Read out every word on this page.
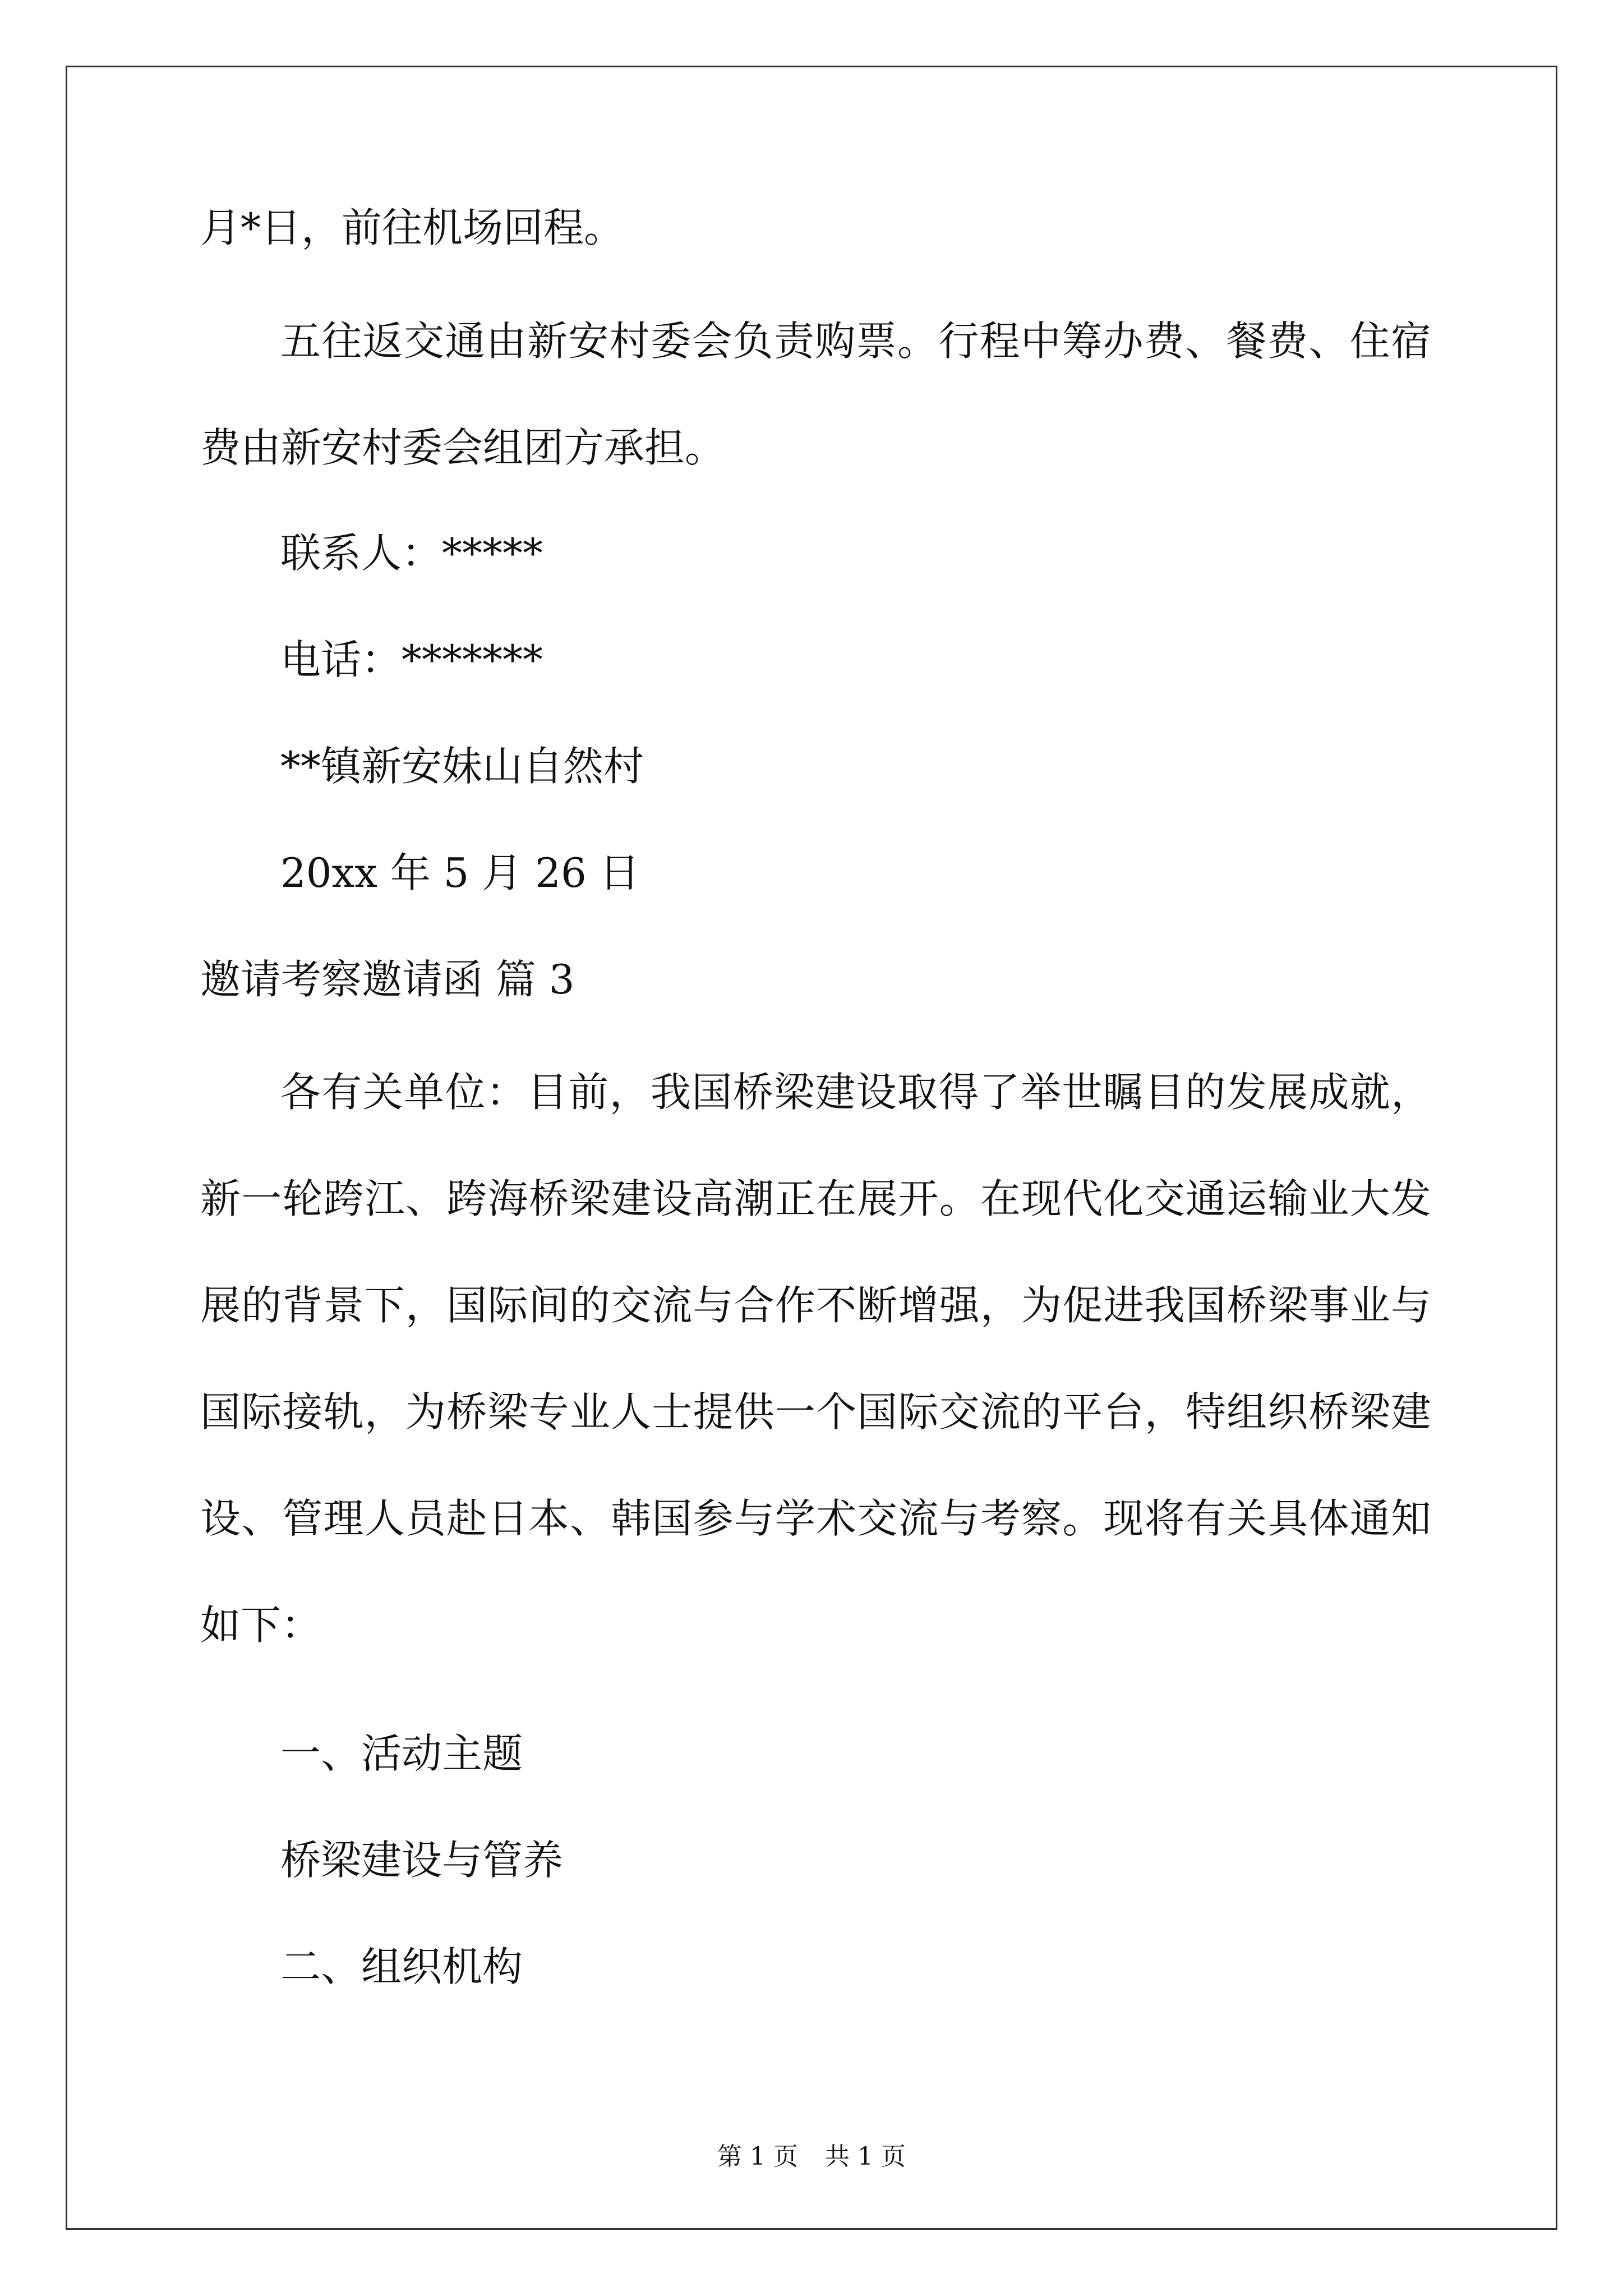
月*日，前往机场回程。
五往返交通由新安村委会负责购票。行程中筹办费、餐费、住宿费由新安村委会组团方承担。
联系人：*****
电话：*******
**镇新安妹山自然村
20xx 年 5 月 26 日
邀请考察邀请函 篇 3
各有关单位：目前，我国桥梁建设取得了举世瞩目的发展成就，新一轮跨江、跨海桥梁建设高潮正在展开。在现代化交通运输业大发展的背景下，国际间的交流与合作不断增强，为促进我国桥梁事业与国际接轨，为桥梁专业人士提供一个国际交流的平台，特组织桥梁建设、管理人员赴日本、韩国参与学术交流与考察。现将有关具体通知如下：
一、活动主题
桥梁建设与管养
二、组织机构
第 1 页 共 1 页
